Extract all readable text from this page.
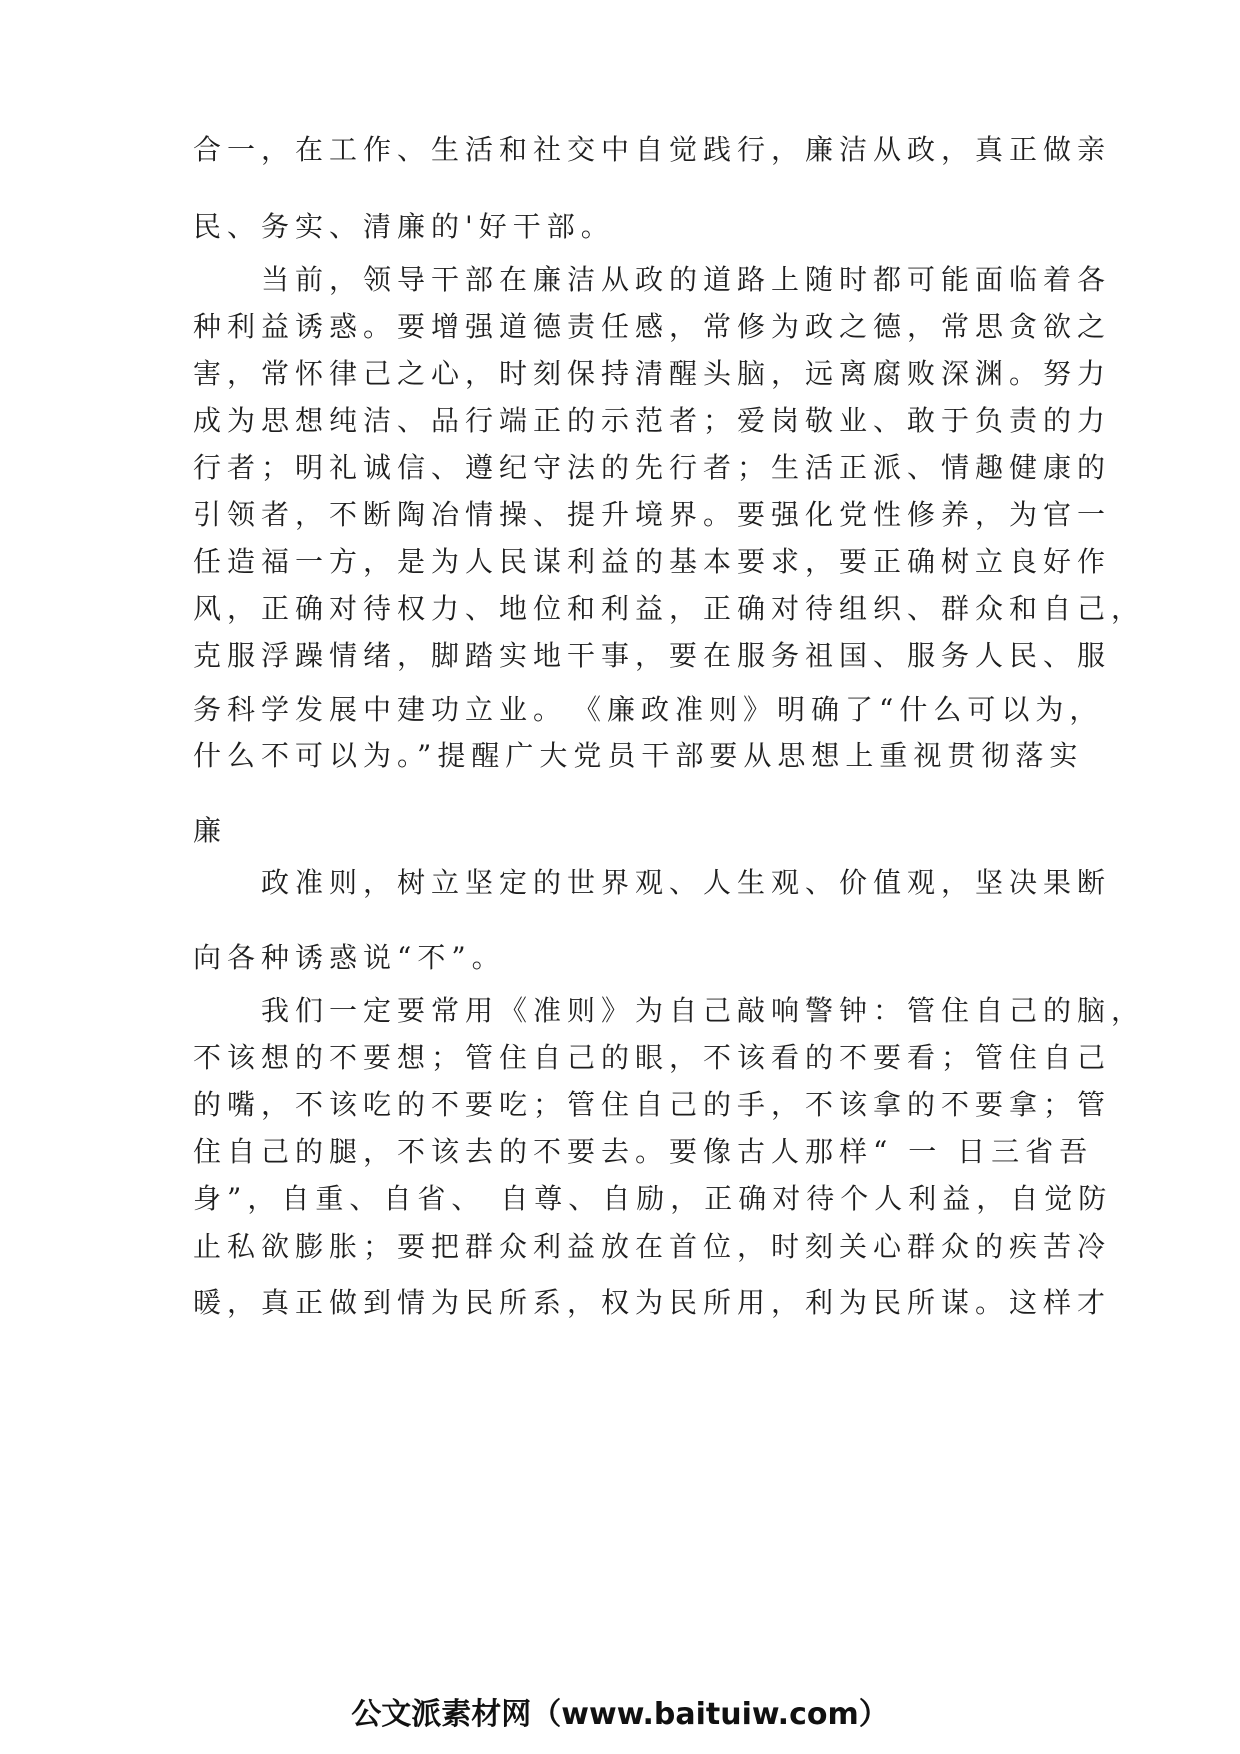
合一，在工作、生活和社交中自觉践行，廉洁从政，真正做亲
民、务实、清廉的'好干部。
　　当前，领导干部在廉洁从政的道路上随时都可能面临着各
种利益诱惑。要增强道德责任感，常修为政之德，常思贪欲之
害，常怀律己之心，时刻保持清醒头脑，远离腐败深渊。努力
成为思想纯洁、品行端正的示范者；爱岗敬业、敢于负责的力
行者；明礼诚信、遵纪守法的先行者；生活正派、情趣健康的
引领者，不断陶冶情操、提升境界。要强化党性修养，为官一
任造福一方，是为人民谋利益的基本要求，要正确树立良好作
风，正确对待权力、地位和利益，正确对待组织、群众和自己，
克服浮躁情绪，脚踏实地干事，要在服务祖国、服务人民、服
务科学发展中建功立业。　《廉政准则》明确了“什么可以为，
什么不可以为。”提醒广大党员干部要从思想上重视贯彻落实
廉
　　政准则，树立坚定的世界观、人生观、价值观，坚决果断
向各种诱惑说“不”。
　　我们一定要常用《准则》为自己敲响警钟：管住自己的脑，
不该想的不要想；管住自己的眼，不该看的不要看；管住自己
的嘴，不该吃的不要吃；管住自己的手，不该拿的不要拿；管
住自己的腿，不该去的不要去。要像古人那样“ 一 日三省吾
身”，自重、自省、 自尊、自励，正确对待个人利益，自觉防
止私欲膨胀；要把群众利益放在首位，时刻关心群众的疾苦冷
暖，真正做到情为民所系，权为民所用，利为民所谋。这样才
公文派素材网（www.baituiw.com）
